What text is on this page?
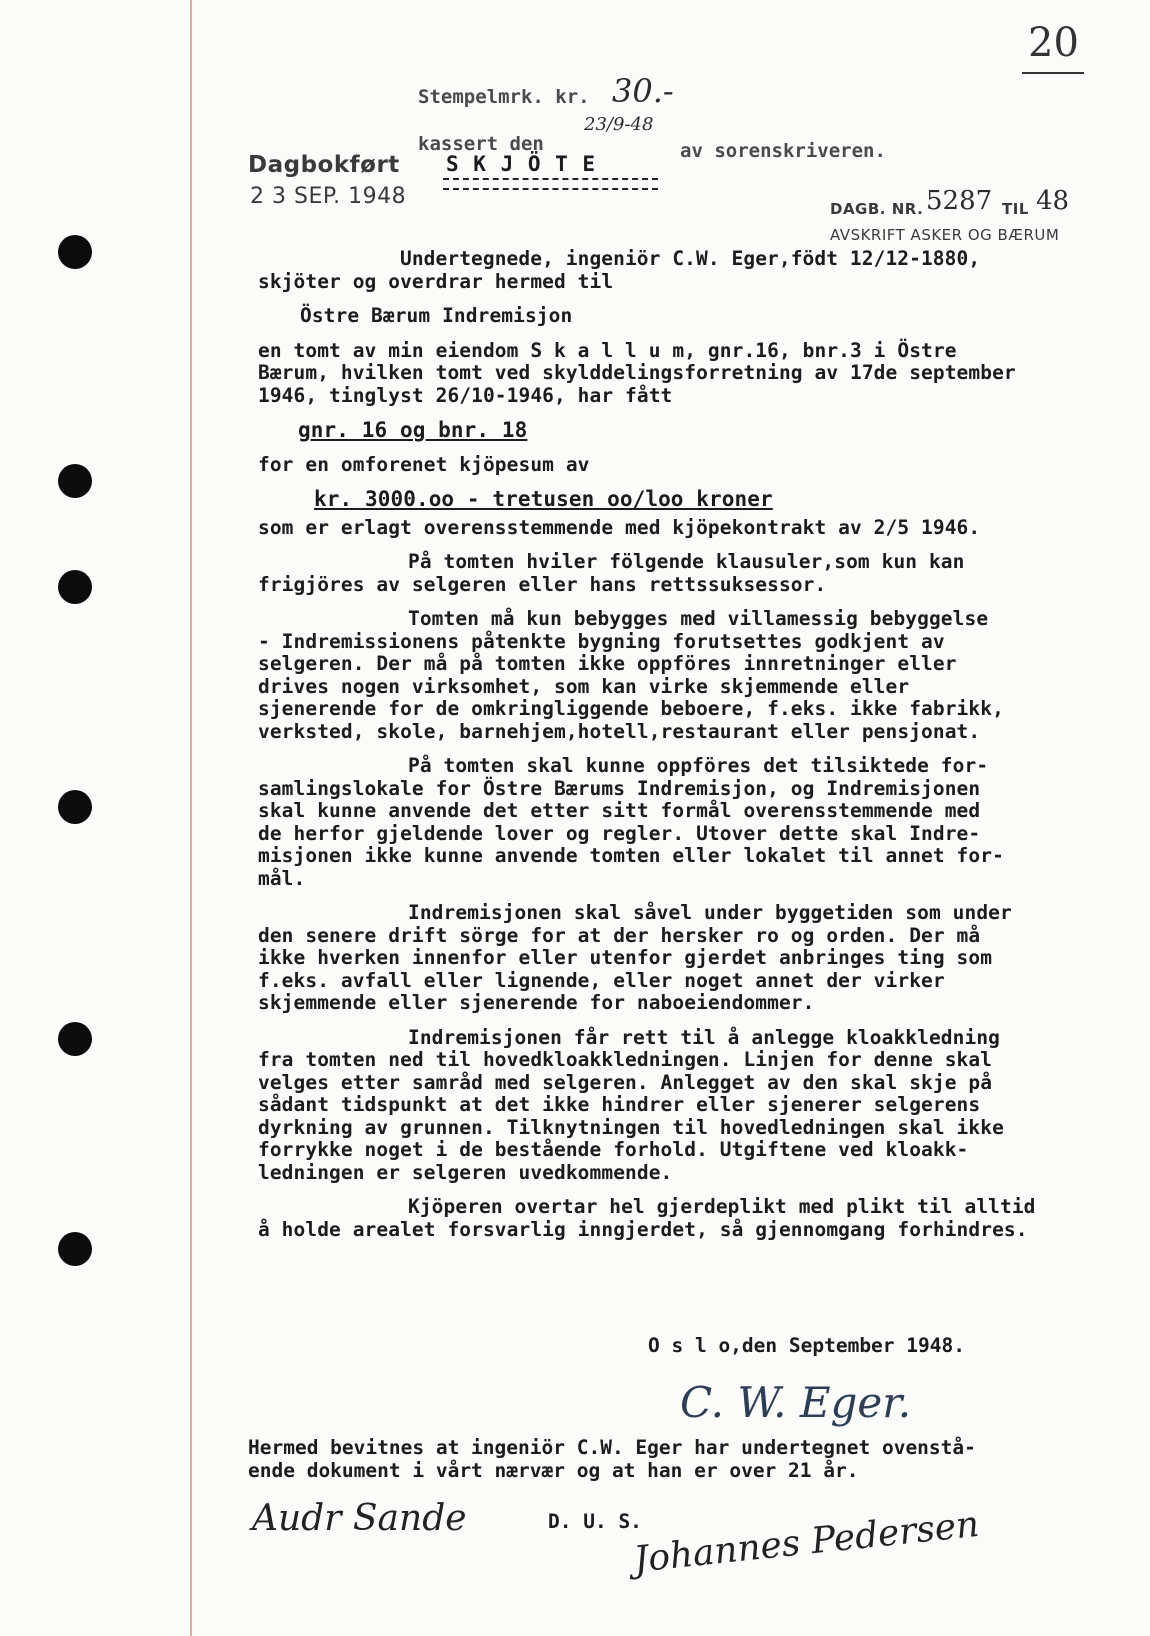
20
Stempelmrk. kr. 30.-
kassert den
23/9-48
av sorenskriveren.
S K J Ö T E
Dagbokført
2 3 SEP. 1948	DAGB. NR. 5287 TIL 48
AVSKRIFT ASKER OG BÆRUM
Undertegnede, ingeniör C.W. Eger,födt 12/12-1880,
skjöter og overdrar hermed til
Östre Bærum Indremisjon
en tomt av min eiendom S k a l l u m, gnr.16, bnr.3 i Östre
Bærum, hvilken tomt ved skylddelingsforretning av 17de september
1946, tinglyst 26/10-1946, har fått
gnr. 16 og bnr. 18
for en omforenet kjöpesum av
kr. 3000.oo - tretusen oo/loo kroner
som er erlagt overensstemmende med kjöpekontrakt av 2/5 1946.
På tomten hviler fölgende klausuler,som kun kan
frigjöres av selgeren eller hans rettssuksessor.
Tomten må kun bebygges med villamessig bebyggelse
- Indremissionens påtenkte bygning forutsettes godkjent av
selgeren. Der må på tomten ikke oppföres innretninger eller
drives nogen virksomhet, som kan virke skjemmende eller
sjenerende for de omkringliggende beboere, f.eks. ikke fabrikk,
verksted, skole, barnehjem,hotell,restaurant eller pensjonat.
På tomten skal kunne oppföres det tilsiktede for-
samlingslokale for Östre Bærums Indremisjon, og Indremisjonen
skal kunne anvende det etter sitt formål overensstemmende med
de herfor gjeldende lover og regler. Utover dette skal Indre-
misjonen ikke kunne anvende tomten eller lokalet til annet for-
mål.
Indremisjonen skal såvel under byggetiden som under
den senere drift sörge for at der hersker ro og orden. Der må
ikke hverken innenfor eller utenfor gjerdet anbringes ting som
f.eks. avfall eller lignende, eller noget annet der virker
skjemmende eller sjenerende for naboeiendommer.
Indremisjonen får rett til å anlegge kloakkledning
fra tomten ned til hovedkloakkledningen. Linjen for denne skal
velges etter samråd med selgeren. Anlegget av den skal skje på
sådant tidspunkt at det ikke hindrer eller sjenerer selgerens
dyrkning av grunnen. Tilknytningen til hovedledningen skal ikke
forrykke noget i de bestående forhold. Utgiftene ved kloakk-
ledningen er selgeren uvedkommende.
Kjöperen overtar hel gjerdeplikt med plikt til alltid
å holde arealet forsvarlig inngjerdet, så gjennomgang forhindres.
O s l o,den September 1948.
C. W. Eger.
Hermed bevitnes at ingeniör C.W. Eger har undertegnet ovenstå-
ende dokument i vårt nærvær og at han er over 21 år.
Audr Sande	D. U. S.
Johannes Pedersen
